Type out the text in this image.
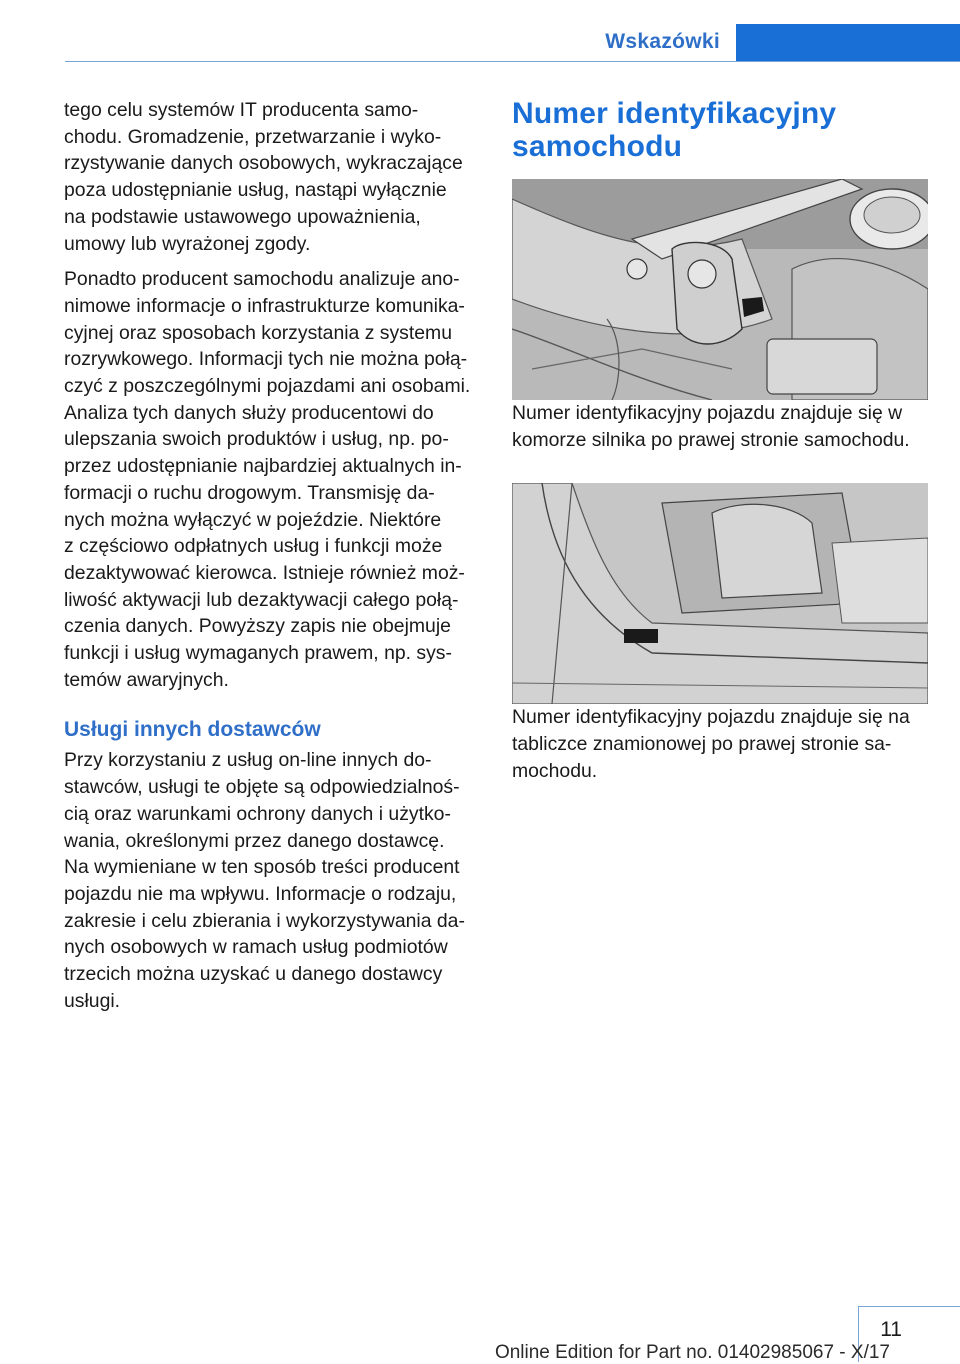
Wskazówki

tego celu systemów IT producenta samo-
chodu. Gromadzenie, przetwarzanie i wyko-
rzystywanie danych osobowych, wykraczające
poza udostępnianie usług, nastąpi wyłącznie
na podstawie ustawowego upoważnienia,
umowy lub wyrażonej zgody.

Ponadto producent samochodu analizuje ano-
nimowe informacje o infrastrukturze komunika-
cyjnej oraz sposobach korzystania z systemu
rozrywkowego. Informacji tych nie można połą-
czyć z poszczególnymi pojazdami ani osobami.
Analiza tych danych służy producentowi do
ulepszania swoich produktów i usług, np. po-
przez udostępnianie najbardziej aktualnych in-
formacji o ruchu drogowym. Transmisję da-
nych można wyłączyć w pojeździe. Niektóre
z częściowo odpłatnych usług i funkcji może
dezaktywować kierowca. Istnieje również moż-
liwość aktywacji lub dezaktywacji całego połą-
czenia danych. Powyższy zapis nie obejmuje
funkcji i usług wymaganych prawem, np. sys-
temów awaryjnych.

Usługi innych dostawców

Przy korzystaniu z usług on-line innych do-
stawców, usługi te objęte są odpowiedzialnoś-
cią oraz warunkami ochrony danych i użytko-
wania, określonymi przez danego dostawcę.
Na wymieniane w ten sposób treści producent
pojazdu nie ma wpływu. Informacje o rodzaju,
zakresie i celu zbierania i wykorzystywania da-
nych osobowych w ramach usług podmiotów
trzecich można uzyskać u danego dostawcy
usługi.

Numer identyfikacyjny
samochodu

Numer identyfikacyjny pojazdu znajduje się w
komorze silnika po prawej stronie samochodu.

Numer identyfikacyjny pojazdu znajduje się na
tabliczce znamionowej po prawej stronie sa-
mochodu.

11
Online Edition for Part no. 01402985067 - X/17
